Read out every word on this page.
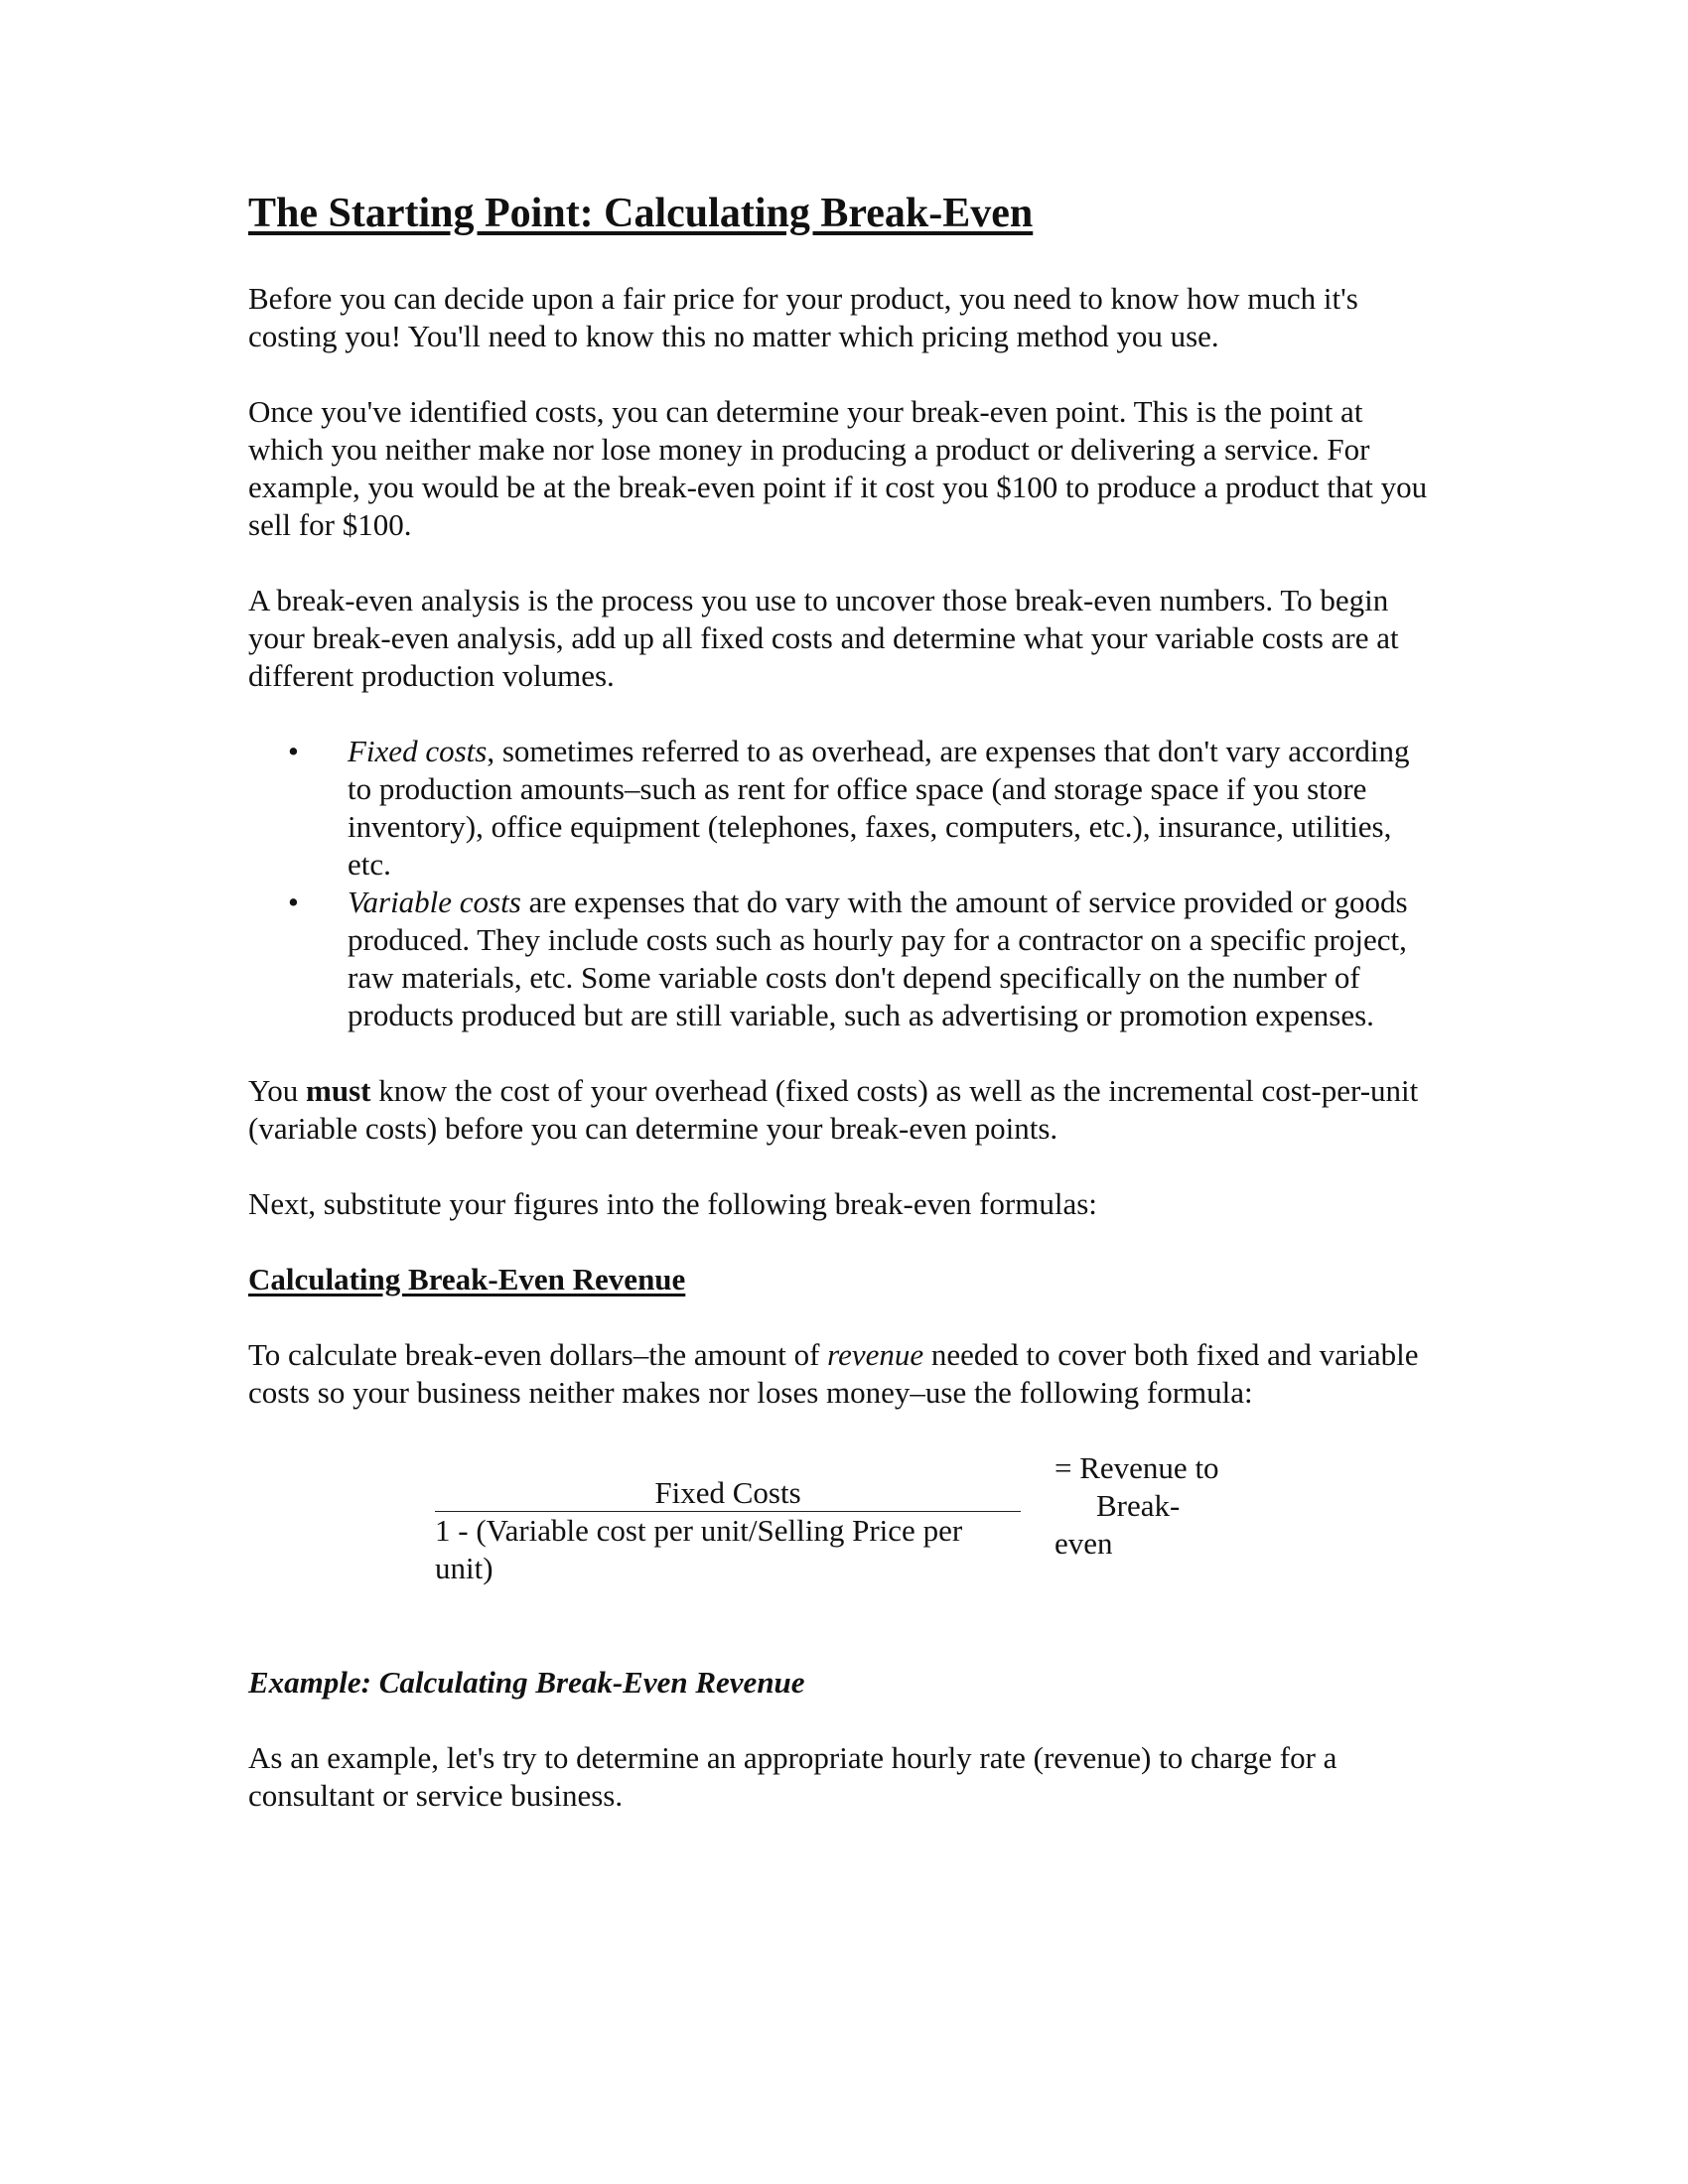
The Starting Point: Calculating Break-Even

Before you can decide upon a fair price for your product, you need to know how much it's costing you! You'll need to know this no matter which pricing method you use.

Once you've identified costs, you can determine your break-even point. This is the point at which you neither make nor lose money in producing a product or delivering a service. For example, you would be at the break-even point if it cost you $100 to produce a product that you sell for $100.

A break-even analysis is the process you use to uncover those break-even numbers. To begin your break-even analysis, add up all fixed costs and determine what your variable costs are at different production volumes.

• Fixed costs, sometimes referred to as overhead, are expenses that don't vary according to production amounts–such as rent for office space (and storage space if you store inventory), office equipment (telephones, faxes, computers, etc.), insurance, utilities, etc.
• Variable costs are expenses that do vary with the amount of service provided or goods produced. They include costs such as hourly pay for a contractor on a specific project, raw materials, etc. Some variable costs don't depend specifically on the number of products produced but are still variable, such as advertising or promotion expenses.

You must know the cost of your overhead (fixed costs) as well as the incremental cost-per-unit (variable costs) before you can determine your break-even points.

Next, substitute your figures into the following break-even formulas:

Calculating Break-Even Revenue

To calculate break-even dollars–the amount of revenue needed to cover both fixed and variable costs so your business neither makes nor loses money–use the following formula:

Fixed Costs
1 - (Variable cost per unit/Selling Price per unit)
= Revenue to
Break-
even
Example: Calculating Break-Even Revenue

As an example, let's try to determine an appropriate hourly rate (revenue) to charge for a consultant or service business.
